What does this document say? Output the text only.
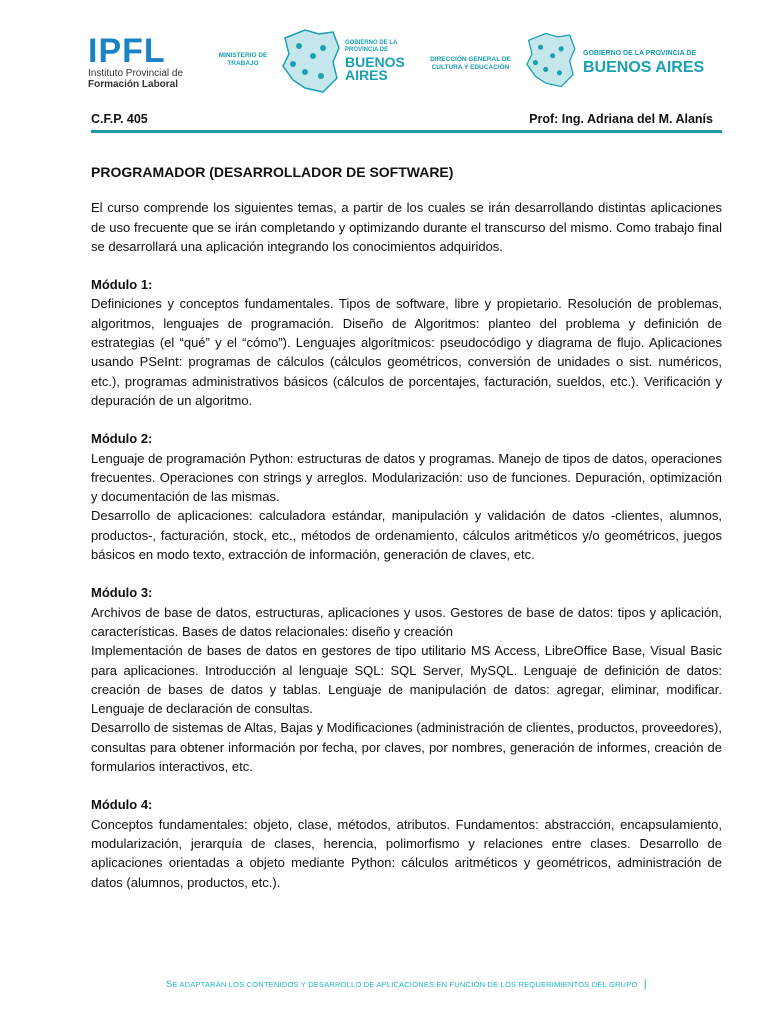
IPFL
Instituto Provincial de
Formación Laboral
MINISTERIO DE TRABAJO
GOBIERNO DE LA PROVINCIA DE
BUENOS
AIRES
DIRECCIÓN GENERAL DE CULTURA Y EDUCACIÓN
GOBIERNO DE LA PROVINCIA DE
BUENOS AIRES
C.F.P. 405	Prof: Ing. Adriana del M. Alanís
PROGRAMADOR (DESARROLLADOR DE SOFTWARE)

El curso comprende los siguientes temas, a partir de los cuales se irán desarrollando distintas aplicaciones de uso frecuente que se irán completando y optimizando durante el transcurso del mismo. Como trabajo final se desarrollará una aplicación integrando los conocimientos adquiridos.

Módulo 1:

Definiciones y conceptos fundamentales. Tipos de software, libre y propietario. Resolución de problemas, algoritmos, lenguajes de programación. Diseño de Algoritmos: planteo del problema y definición de estrategias (el “qué” y el “cómo”). Lenguajes algorítmicos: pseudocódigo y diagrama de flujo. Aplicaciones usando PSeInt: programas de cálculos (cálculos geométricos, conversión de unidades o sist. numéricos, etc.), programas administrativos básicos (cálculos de porcentajes, facturación, sueldos, etc.). Verificación y depuración de un algoritmo.

Módulo 2:

Lenguaje de programación Python: estructuras de datos y programas. Manejo de tipos de datos, operaciones frecuentes. Operaciones con strings y arreglos. Modularización: uso de funciones. Depuración, optimización y documentación de las mismas.

Desarrollo de aplicaciones: calculadora estándar, manipulación y validación de datos -clientes, alumnos, productos-, facturación, stock, etc., métodos de ordenamiento, cálculos aritméticos y/o geométricos, juegos básicos en modo texto, extracción de información, generación de claves, etc.

Módulo 3:

Archivos de base de datos, estructuras, aplicaciones y usos. Gestores de base de datos: tipos y aplicación, características. Bases de datos relacionales: diseño y creación

Implementación de bases de datos en gestores de tipo utilitario MS Access, LibreOffice Base, Visual Basic para aplicaciones. Introducción al lenguaje SQL: SQL Server, MySQL. Lenguaje de definición de datos: creación de bases de datos y tablas. Lenguaje de manipulación de datos: agregar, eliminar, modificar. Lenguaje de declaración de consultas.

Desarrollo de sistemas de Altas, Bajas y Modificaciones (administración de clientes, productos, proveedores), consultas para obtener información por fecha, por claves, por nombres, generación de informes, creación de formularios interactivos, etc.

Módulo 4:

Conceptos fundamentales: objeto, clase, métodos, atributos. Fundamentos: abstracción, encapsulamiento, modularización, jerarquía de clases, herencia, polimorfismo y relaciones entre clases. Desarrollo de aplicaciones orientadas a objeto mediante Python: cálculos aritméticos y geométricos, administración de datos (alumnos, productos, etc.).

SE ADAPTARÁN LOS CONTENIDOS Y DESARROLLO DE APLICACIONES EN FUNCIÓN DE LOS REQUERIMIENTOS DEL GRUPO |
